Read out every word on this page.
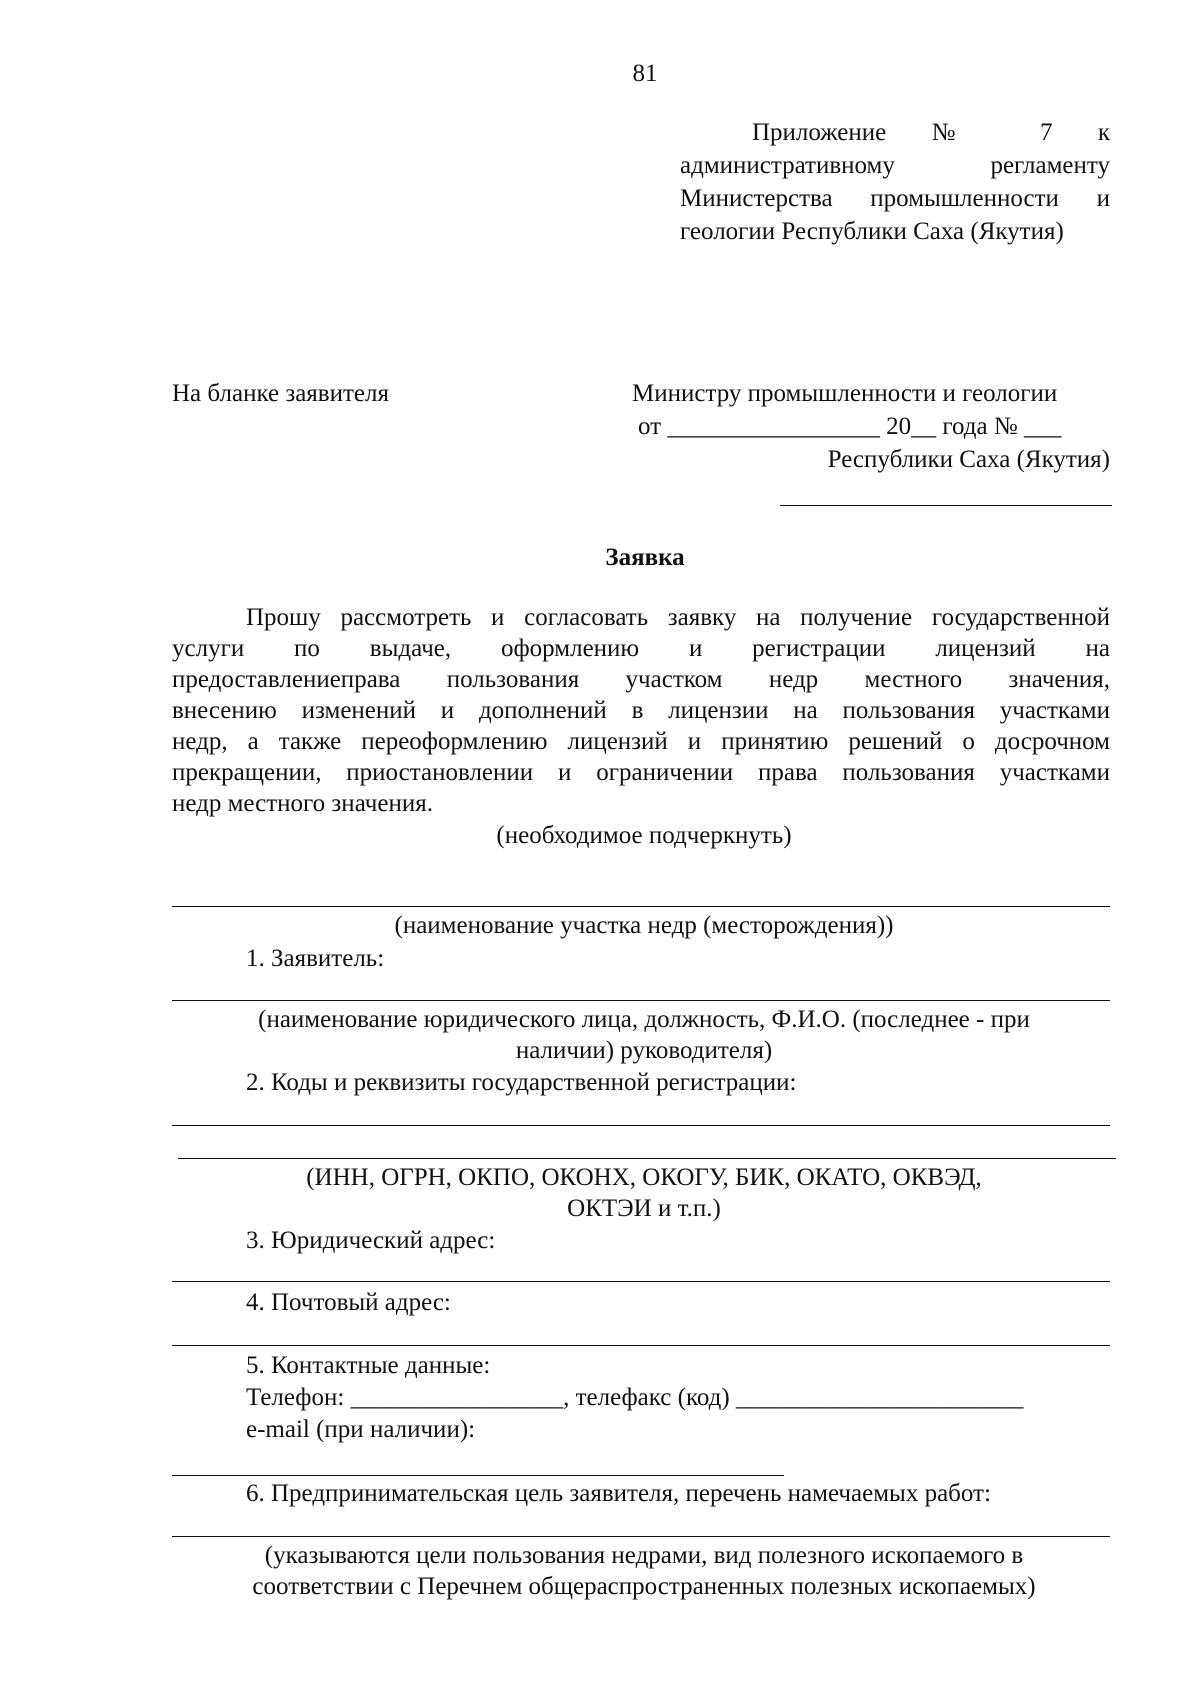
81
Приложение № 7 к
административному регламенту
Министерства промышленности и
геологии Республики Саха (Якутия)
На бланке заявителя	Министру промышленности и геологии
от _________________ 20__ года № ___
Республики Саха (Якутия)
Заявка
Прошу рассмотреть и согласовать заявку на получение государственной
услуги по выдаче, оформлению и регистрации лицензий на
предоставлениеправа пользования участком недр местного значения,
внесению изменений и дополнений в лицензии на пользования участками
недр, а также переоформлению лицензий и принятию решений о досрочном
прекращении, приостановлении и ограничении права пользования участками
недр местного значения.
(необходимое подчеркнуть)
(наименование участка недр (месторождения))
1. Заявитель:
(наименование юридического лица, должность, Ф.И.О. (последнее - при
наличии) руководителя)
2. Коды и реквизиты государственной регистрации:
(ИНН, ОГРН, ОКПО, ОКОНХ, ОКОГУ, БИК, ОКАТО, ОКВЭД,
ОКТЭИ и т.п.)
3. Юридический адрес:
4. Почтовый адрес:
5. Контактные данные:
Телефон: _________________, телефакс (код) _______________________
e-mail (при наличии):
6. Предпринимательская цель заявителя, перечень намечаемых работ:
(указываются цели пользования недрами, вид полезного ископаемого в
соответствии с Перечнем общераспространенных полезных ископаемых)
